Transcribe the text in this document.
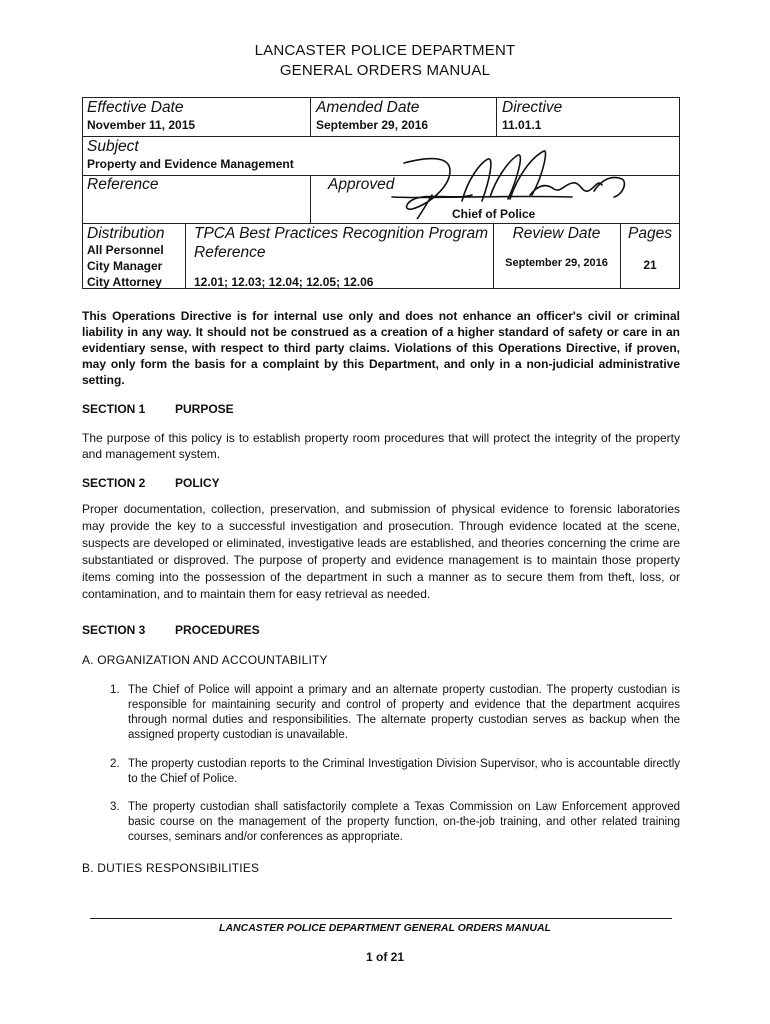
LANCASTER POLICE DEPARTMENT
GENERAL ORDERS MANUAL
Effective Date
November 11, 2015
Amended Date
September 29, 2016
Directive
11.01.1
Subject
Property and Evidence Management
Reference	Approved
Chief of Police
Distribution
All Personnel
City Manager
City Attorney
TPCA Best Practices Recognition Program
Reference
12.01; 12.03; 12.04; 12.05; 12.06
Review Date
September 29, 2016
Pages
21
This Operations Directive is for internal use only and does not enhance an officer's civil or criminal liability in any way. It should not be construed as a creation of a higher standard of safety or care in an evidentiary sense, with respect to third party claims. Violations of this Operations Directive, if proven, may only form the basis for a complaint by this Department, and only in a non-judicial administrative setting.
SECTION 1 PURPOSE
The purpose of this policy is to establish property room procedures that will protect the integrity of the property and management system.
SECTION 2 POLICY
Proper documentation, collection, preservation, and submission of physical evidence to forensic laboratories may provide the key to a successful investigation and prosecution. Through evidence located at the scene, suspects are developed or eliminated, investigative leads are established, and theories concerning the crime are substantiated or disproved. The purpose of property and evidence management is to maintain those property items coming into the possession of the department in such a manner as to secure them from theft, loss, or contamination, and to maintain them for easy retrieval as needed.
SECTION 3 PROCEDURES
A. ORGANIZATION AND ACCOUNTABILITY
1. The Chief of Police will appoint a primary and an alternate property custodian. The property custodian is responsible for maintaining security and control of property and evidence that the department acquires through normal duties and responsibilities. The alternate property custodian serves as backup when the assigned property custodian is unavailable.
2. The property custodian reports to the Criminal Investigation Division Supervisor, who is accountable directly to the Chief of Police.
3. The property custodian shall satisfactorily complete a Texas Commission on Law Enforcement approved basic course on the management of the property function, on-the-job training, and other related training courses, seminars and/or conferences as appropriate.
B. DUTIES RESPONSIBILITIES
LANCASTER POLICE DEPARTMENT GENERAL ORDERS MANUAL
1 of 21
